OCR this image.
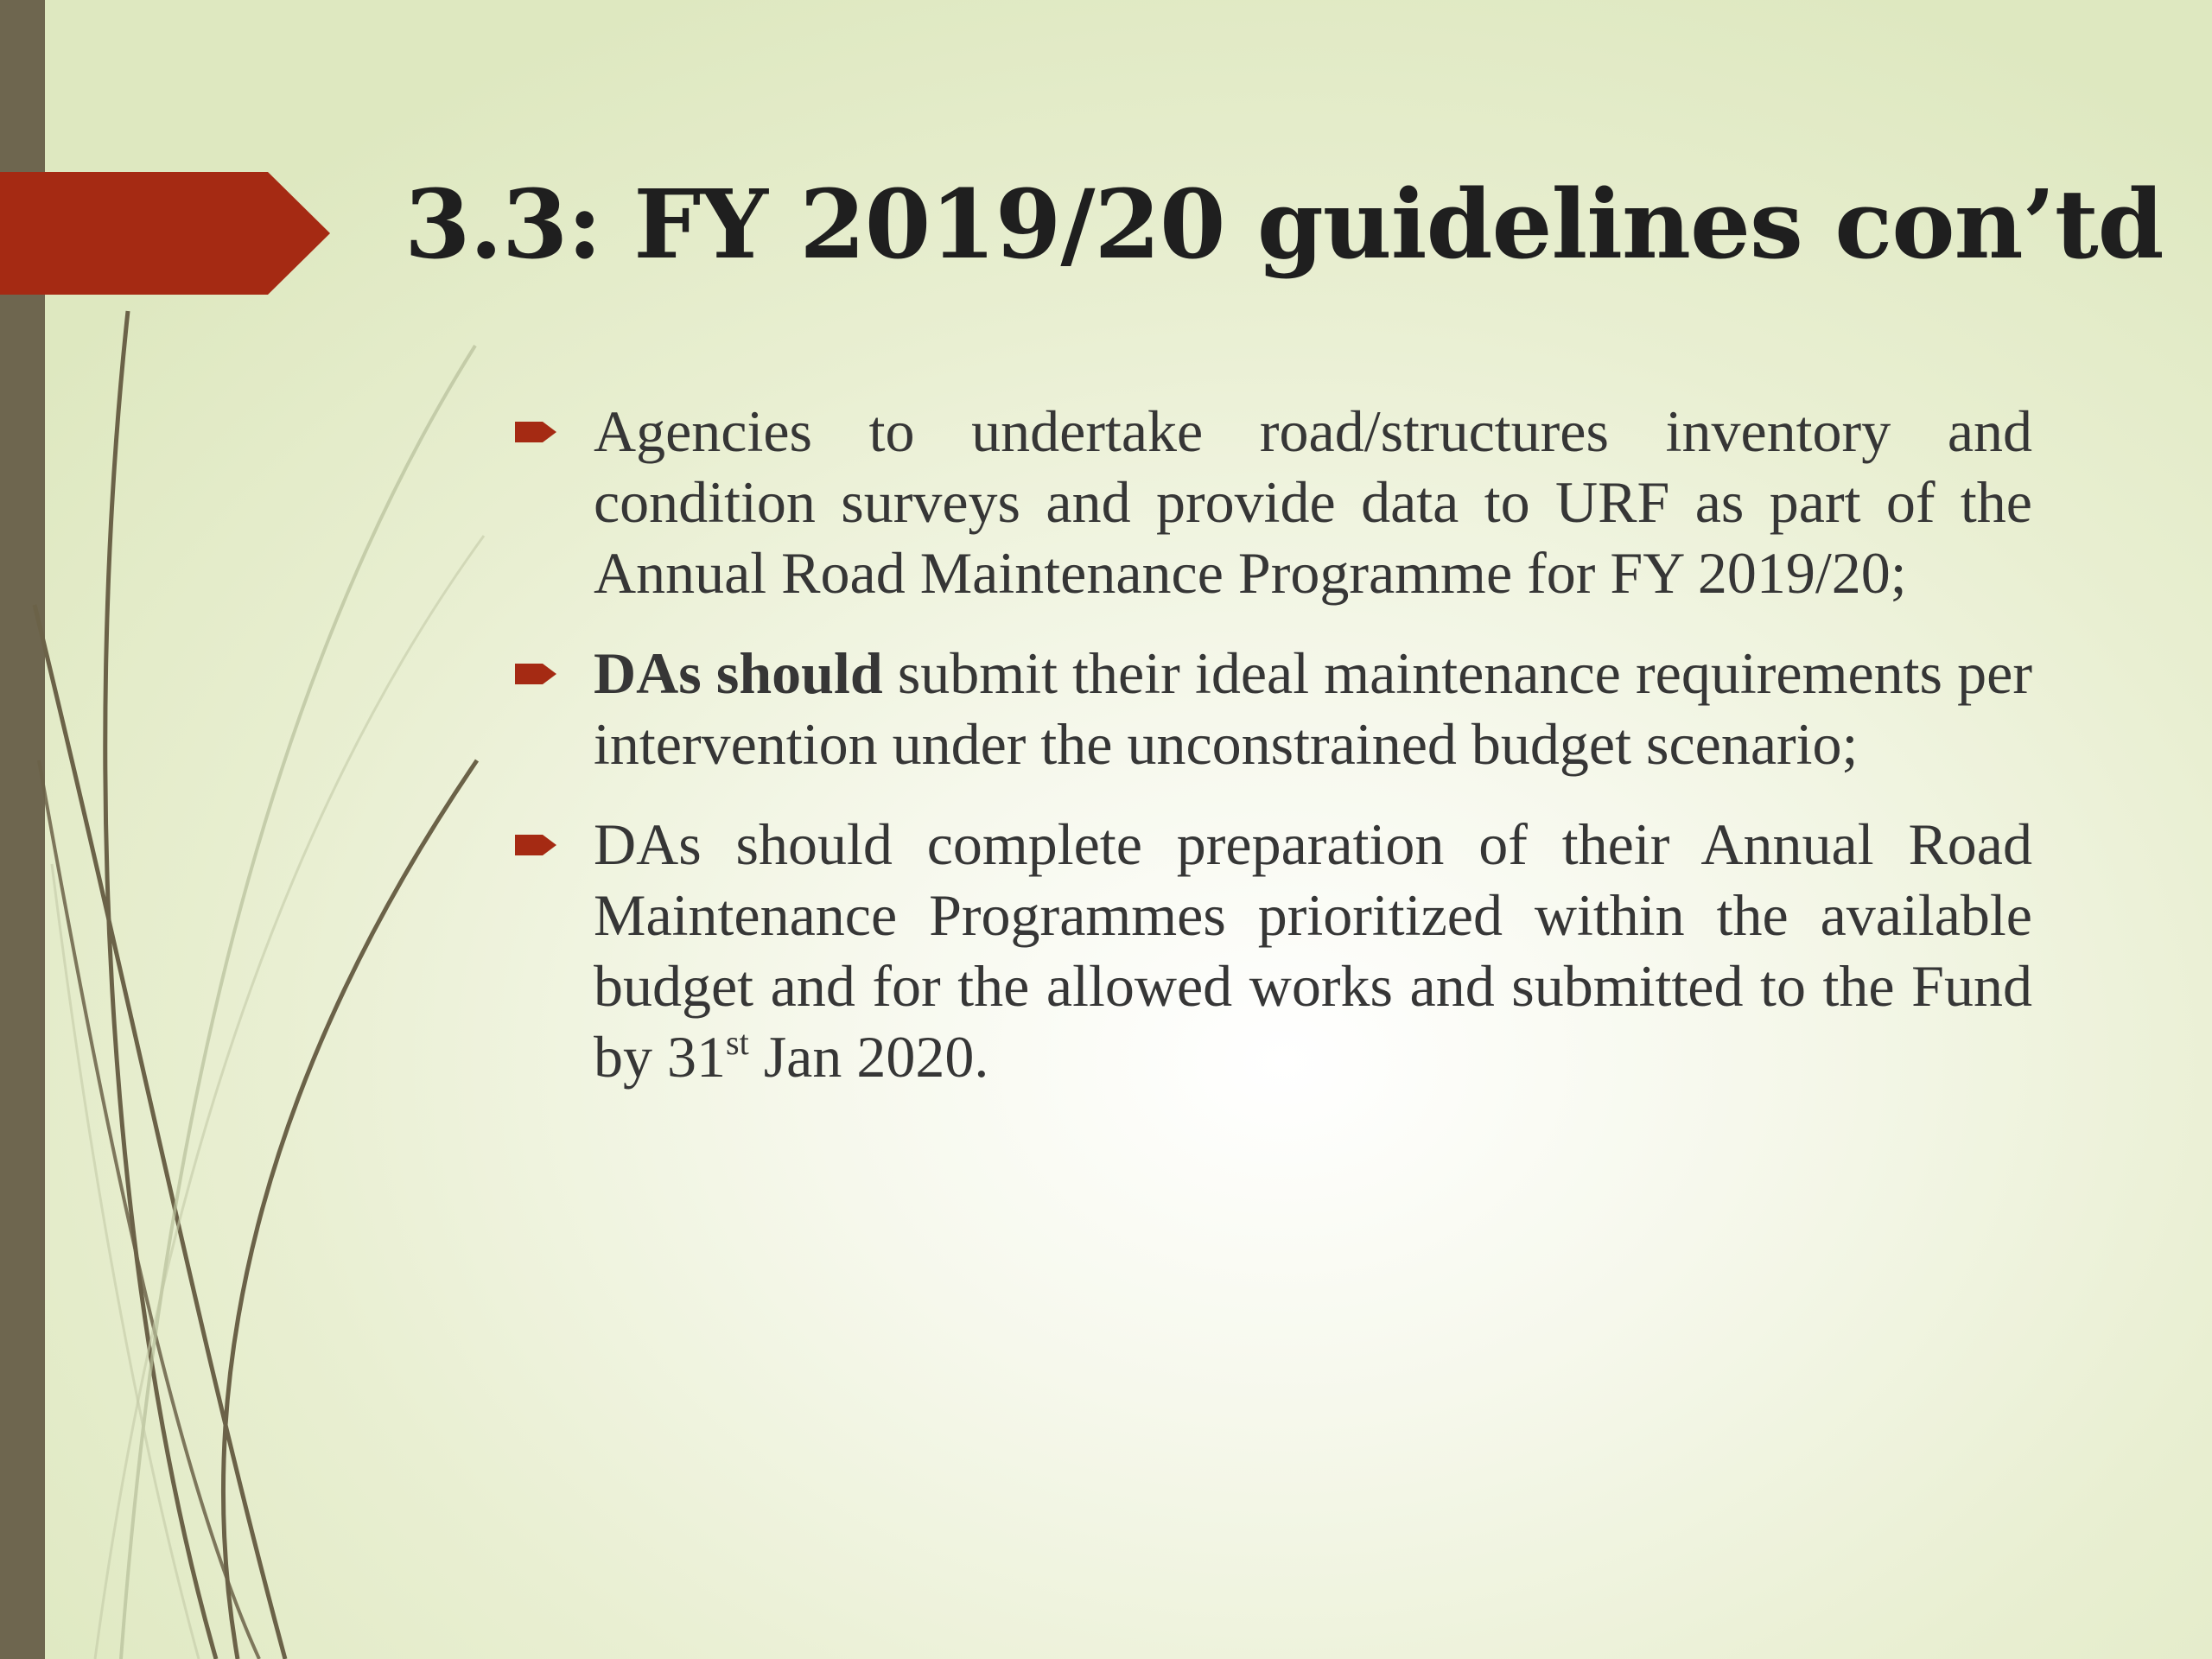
3.3: FY 2019/20 guidelines con’td
Agencies to undertake road/structures inventory and condition surveys and provide data to URF as part of the Annual Road Maintenance Programme for FY 2019/20;
DAs should submit their ideal maintenance requirements per intervention under the unconstrained budget scenario;
DAs should complete preparation of their Annual Road Maintenance Programmes prioritized within the available budget and for the allowed works and submitted to the Fund by 31st Jan 2020.
